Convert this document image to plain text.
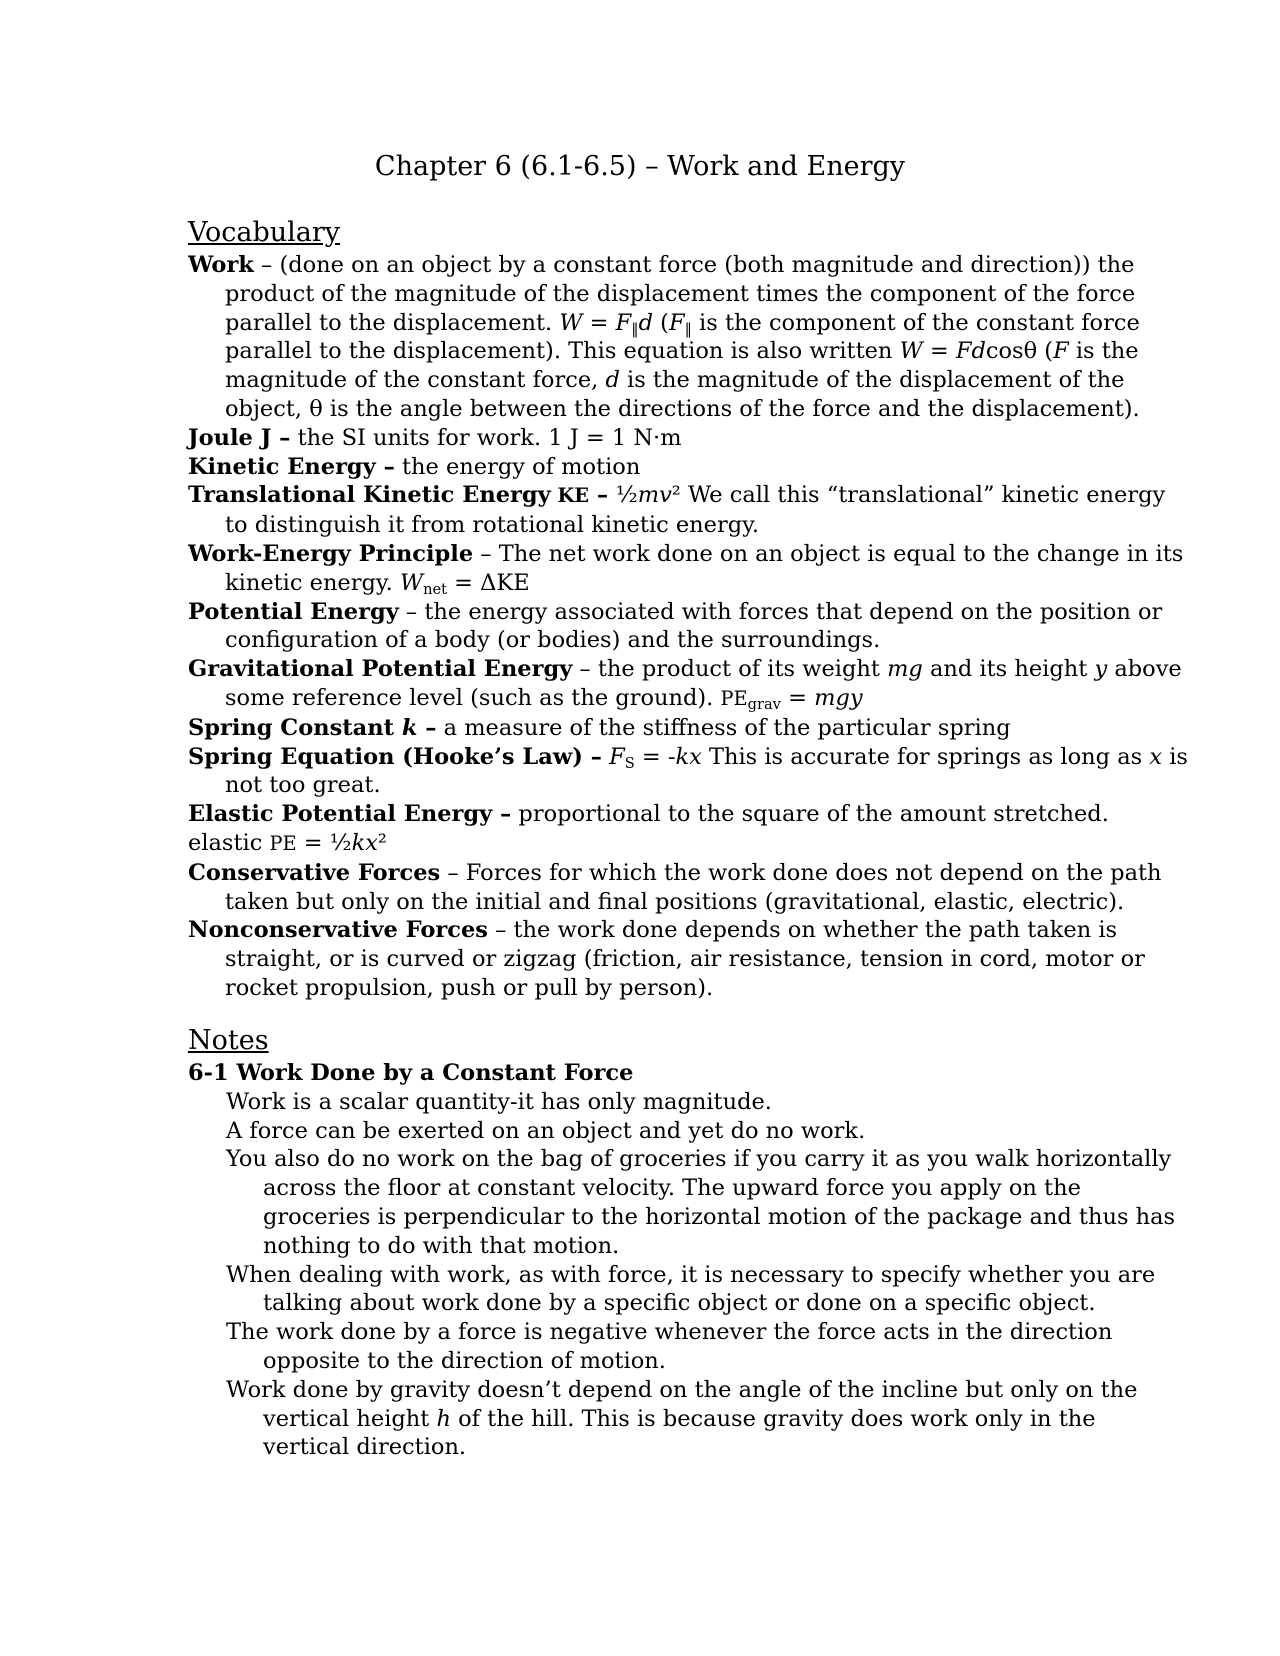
Chapter 6 (6.1-6.5) – Work and Energy
Vocabulary

Work – (done on an object by a constant force (both magnitude and direction)) the product of the magnitude of the displacement times the component of the force parallel to the displacement. $W = F_‖d$ ($F_‖$ is the component of the constant force parallel to the displacement). This equation is also written W = Fdcosθ (F is the magnitude of the constant force, d is the magnitude of the displacement of the object, θ is the angle between the directions of the force and the displacement).

Joule J – the SI units for work. 1 J = 1 N·m

Kinetic Energy – the energy of motion

Translational Kinetic Energy KE – ½mv² We call this “translational” kinetic energy to distinguish it from rotational kinetic energy.

Work-Energy Principle – The net work done on an object is equal to the change in its kinetic energy. $W_{net} = \Delta KE$

Potential Energy – the energy associated with forces that depend on the position or configuration of a body (or bodies) and the surroundings.

Gravitational Potential Energy – the product of its weight mg and its height y above some reference level (such as the ground). $PE_{grav}$ = mgy

Spring Constant k – a measure of the stiffness of the particular spring

Spring Equation (Hooke’s $Law) - F_S = -kx$ This is accurate for springs as long as x is not too great.

Elastic Potential Energy – proportional to the square of the amount stretched.
elastic PE = ½kx²

Conservative Forces – Forces for which the work done does not depend on the path taken but only on the initial and final positions (gravitational, elastic, electric).

Nonconservative Forces – the work done depends on whether the path taken is straight, or is curved or zigzag (friction, air resistance, tension in cord, motor or rocket propulsion, push or pull by person).

Notes

6-1 Work Done by a Constant Force

Work is a scalar quantity-it has only magnitude.

A force can be exerted on an object and yet do no work.

You also do no work on the bag of groceries if you carry it as you walk horizontally across the floor at constant velocity. The upward force you apply on the groceries is perpendicular to the horizontal motion of the package and thus has nothing to do with that motion.

When dealing with work, as with force, it is necessary to specify whether you are talking about work done by a specific object or done on a specific object.

The work done by a force is negative whenever the force acts in the direction opposite to the direction of motion.

Work done by gravity doesn’t depend on the angle of the incline but only on the vertical height h of the hill. This is because gravity does work only in the vertical direction.
